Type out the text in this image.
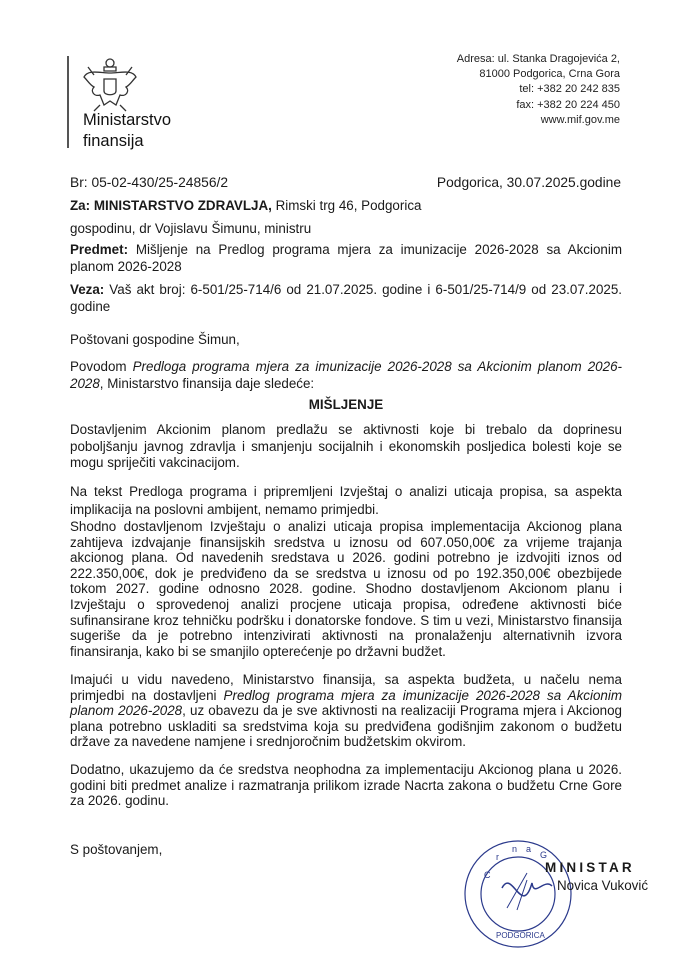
Ministarstvo
finansija
Adresa: ul. Stanka Dragojevića 2,
81000 Podgorica, Crna Gora
tel: +382 20 242 835
fax: +382 20 224 450
www.mif.gov.me
Br: 05-02-430/25-24856/2	Podgorica, 30.07.2025.godine
Za: MINISTARSTVO ZDRAVLJA, Rimski trg 46, Podgorica
gospodinu, dr Vojislavu Šimunu, ministru
Predmet: Mišljenje na Predlog programa mjera za imunizacije 2026-2028 sa Akcionim planom 2026-2028
Veza: Vaš akt broj: 6-501/25-714/6 od 21.07.2025. godine i 6-501/25-714/9 od 23.07.2025. godine
Poštovani gospodine Šimun,
Povodom Predloga programa mjera za imunizacije 2026-2028 sa Akcionim planom 2026-2028, Ministarstvo finansija daje sledeće:
MIŠLJENJE
Dostavljenim Akcionim planom predlažu se aktivnosti koje bi trebalo da doprinesu poboljšanju javnog zdravlja i smanjenju socijalnih i ekonomskih posljedica bolesti koje se mogu spriječiti vakcinacijom.
Na tekst Predloga programa i pripremljeni Izvještaj o analizi uticaja propisa, sa aspekta implikacija na poslovni ambijent, nemamo primjedbi.
Shodno dostavljenom Izvještaju o analizi uticaja propisa implementacija Akcionog plana zahtijeva izdvajanje finansijskih sredstva u iznosu od 607.050,00€ za vrijeme trajanja akcionog plana. Od navedenih sredstava u 2026. godini potrebno je izdvojiti iznos od 222.350,00€, dok je predviđeno da se sredstva u iznosu od po 192.350,00€ obezbijede tokom 2027. godine odnosno 2028. godine. Shodno dostavljenom Akcionom planu i Izvještaju o sprovedenoj analizi procjene uticaja propisa, određene aktivnosti biće sufinansirane kroz tehničku podršku i donatorske fondove. S tim u vezi, Ministarstvo finansija sugeriše da je potrebno intenzivirati aktivnosti na pronalaženju alternativnih izvora finansiranja, kako bi se smanjilo opterećenje po državni budžet.
Imajući u vidu navedeno, Ministarstvo finansija, sa aspekta budžeta, u načelu nema primjedbi na dostavljeni Predlog programa mjera za imunizacije 2026-2028 sa Akcionim planom 2026-2028, uz obavezu da je sve aktivnosti na realizaciji Programa mjera i Akcionog plana potrebno uskladiti sa sredstvima koja su predviđena godišnjim zakonom o budžetu države za navedene namjene i srednjoročnim budžetskim okvirom.
Dodatno, ukazujemo da će sredstva neophodna za implementaciju Akcionog plana u 2026. godini biti predmet analize i razmatranja prilikom izrade Nacrta zakona o budžetu Crne Gore za 2026. godinu.
S poštovanjem,
C
r
n a
G
PODGORICA
MINISTAR
Novica Vuković
